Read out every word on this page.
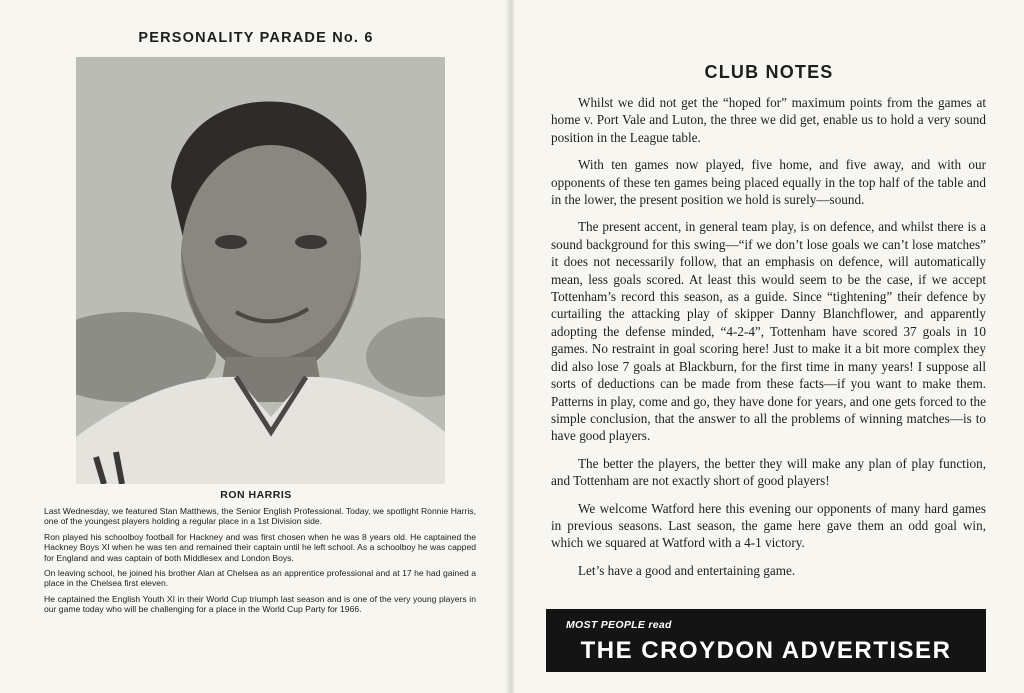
PERSONALITY PARADE No. 6
RON HARRIS

Last Wednesday, we featured Stan Matthews, the Senior English Professional. Today, we spotlight Ronnie Harris, one of the youngest players holding a regular place in a 1st Division side.

Ron played his schoolboy football for Hackney and was first chosen when he was 8 years old. He captained the Hackney Boys XI when he was ten and remained their captain until he left school. As a schoolboy he was capped for England and was captain of both Middlesex and London Boys.

On leaving school, he joined his brother Alan at Chelsea as an apprentice professional and at 17 he had gained a place in the Chelsea first eleven.

He captained the English Youth XI in their World Cup triumph last season and is one of the very young players in our game today who will be challenging for a place in the World Cup Party for 1966.

CLUB NOTES

Whilst we did not get the “hoped for” maximum points from the games at home v. Port Vale and Luton, the three we did get, enable us to hold a very sound position in the League table.

With ten games now played, five home, and five away, and with our opponents of these ten games being placed equally in the top half of the table and in the lower, the present position we hold is surely—sound.

The present accent, in general team play, is on defence, and whilst there is a sound background for this swing—“if we don’t lose goals we can’t lose matches” it does not necessarily follow, that an emphasis on defence, will automatically mean, less goals scored. At least this would seem to be the case, if we accept Tottenham’s record this season, as a guide. Since “tightening” their defence by curtailing the attacking play of skipper Danny Blanchflower, and apparently adopting the defense minded, “4-2-4”, Tottenham have scored 37 goals in 10 games. No restraint in goal scoring here! Just to make it a bit more complex they did also lose 7 goals at Blackburn, for the first time in many years! I suppose all sorts of deductions can be made from these facts—if you want to make them. Patterns in play, come and go, they have done for years, and one gets forced to the simple conclusion, that the answer to all the problems of winning matches—is to have good players.

The better the players, the better they will make any plan of play function, and Tottenham are not exactly short of good players!

We welcome Watford here this evening our opponents of many hard games in previous seasons. Last season, the game here gave them an odd goal win, which we squared at Watford with a 4-1 victory.

Let’s have a good and entertaining game.

MOST PEOPLE read
THE CROYDON ADVERTISER
